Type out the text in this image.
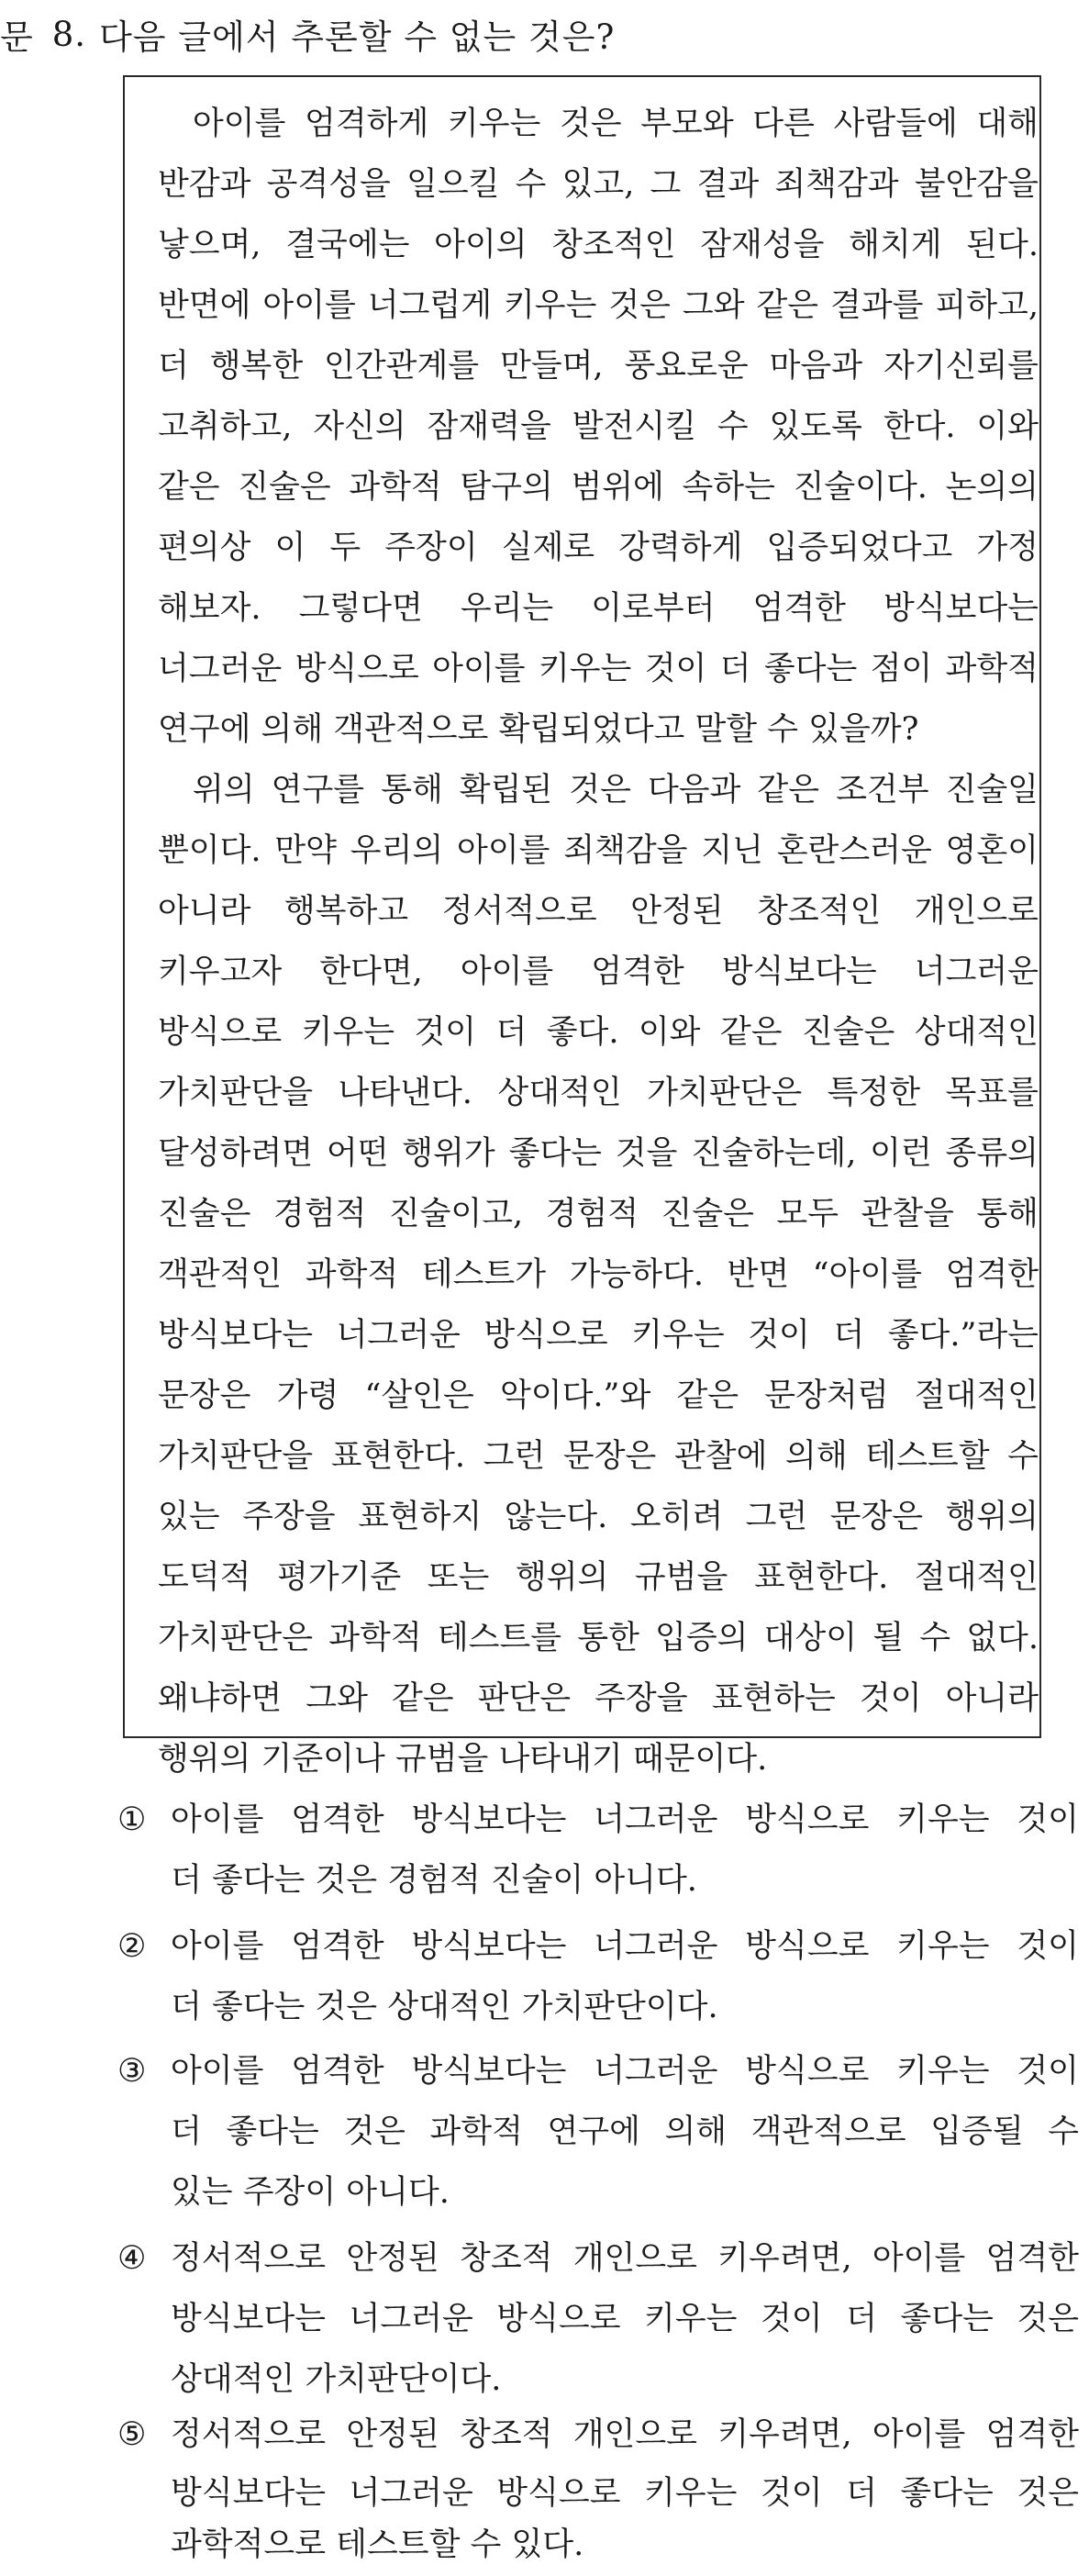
문 8. 다음 글에서 추론할 수 없는 것은?
아이를 엄격하게 키우는 것은 부모와 다른 사람들에 대해
반감과 공격성을 일으킬 수 있고, 그 결과 죄책감과 불안감을
낳으며, 결국에는 아이의 창조적인 잠재성을 해치게 된다.
반면에 아이를 너그럽게 키우는 것은 그와 같은 결과를 피하고,
더 행복한 인간관계를 만들며, 풍요로운 마음과 자기신뢰를
고취하고, 자신의 잠재력을 발전시킬 수 있도록 한다. 이와
같은 진술은 과학적 탐구의 범위에 속하는 진술이다. 논의의
편의상 이 두 주장이 실제로 강력하게 입증되었다고 가정
해보자. 그렇다면 우리는 이로부터 엄격한 방식보다는
너그러운 방식으로 아이를 키우는 것이 더 좋다는 점이 과학적
연구에 의해 객관적으로 확립되었다고 말할 수 있을까?
위의 연구를 통해 확립된 것은 다음과 같은 조건부 진술일
뿐이다. 만약 우리의 아이를 죄책감을 지닌 혼란스러운 영혼이
아니라 행복하고 정서적으로 안정된 창조적인 개인으로
키우고자 한다면, 아이를 엄격한 방식보다는 너그러운
방식으로 키우는 것이 더 좋다. 이와 같은 진술은 상대적인
가치판단을 나타낸다. 상대적인 가치판단은 특정한 목표를
달성하려면 어떤 행위가 좋다는 것을 진술하는데, 이런 종류의
진술은 경험적 진술이고, 경험적 진술은 모두 관찰을 통해
객관적인 과학적 테스트가 가능하다. 반면 “아이를 엄격한
방식보다는 너그러운 방식으로 키우는 것이 더 좋다.”라는
문장은 가령 “살인은 악이다.”와 같은 문장처럼 절대적인
가치판단을 표현한다. 그런 문장은 관찰에 의해 테스트할 수
있는 주장을 표현하지 않는다. 오히려 그런 문장은 행위의
도덕적 평가기준 또는 행위의 규범을 표현한다. 절대적인
가치판단은 과학적 테스트를 통한 입증의 대상이 될 수 없다.
왜냐하면 그와 같은 판단은 주장을 표현하는 것이 아니라
행위의 기준이나 규범을 나타내기 때문이다.
① 아이를 엄격한 방식보다는 너그러운 방식으로 키우는 것이
더 좋다는 것은 경험적 진술이 아니다.
② 아이를 엄격한 방식보다는 너그러운 방식으로 키우는 것이
더 좋다는 것은 상대적인 가치판단이다.
③ 아이를 엄격한 방식보다는 너그러운 방식으로 키우는 것이
더 좋다는 것은 과학적 연구에 의해 객관적으로 입증될 수
있는 주장이 아니다.
④ 정서적으로 안정된 창조적 개인으로 키우려면, 아이를 엄격한
방식보다는 너그러운 방식으로 키우는 것이 더 좋다는 것은
상대적인 가치판단이다.
⑤ 정서적으로 안정된 창조적 개인으로 키우려면, 아이를 엄격한
방식보다는 너그러운 방식으로 키우는 것이 더 좋다는 것은
과학적으로 테스트할 수 있다.
